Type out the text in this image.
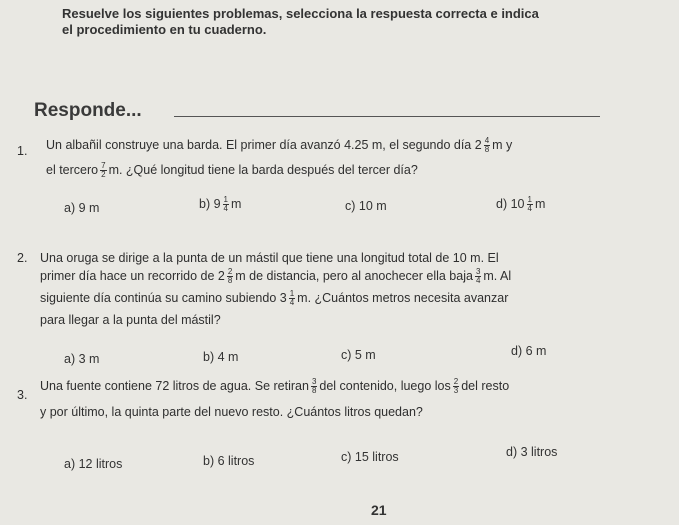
Resuelve los siguientes problemas, selecciona la respuesta correcta e indica
el procedimiento en tu cuaderno.
Responde...
1. Un albañil construye una barda. El primer día avanzó 4.25 m, el segundo día $2 \frac{4}{8}$ m y
el tercero $\frac{7}{2} m$. ¿Qué longitud tiene la barda después del tercer día?
a) 9 m	b) $9 \frac{1}{4}$ m	c) 10 m	d) $10 \frac{1}{4}$ m
2. Una oruga se dirige a la punta de un mástil que tiene una longitud total de 10 m. El
primer día hace un recorrido de $2 \frac{2}{8}$ m de distancia, pero al anochecer ella baja $\frac{3}{4} m$. Al
siguiente día continúa su camino subiendo $3 \frac{1}{4} m$. ¿Cuántos metros necesita avanzar
para llegar a la punta del mástil?
a) 3 m	b) 4 m	c) 5 m	d) 6 m
3.
Una fuente contiene 72 litros de agua. Se retiran $\frac{3}{8}$ del contenido, luego los $\frac{2}{3}$ del resto
y por último, la quinta parte del nuevo resto. ¿Cuántos litros quedan?
a) 12 litros	b) 6 litros	c) 15 litros	d) 3 litros
21
